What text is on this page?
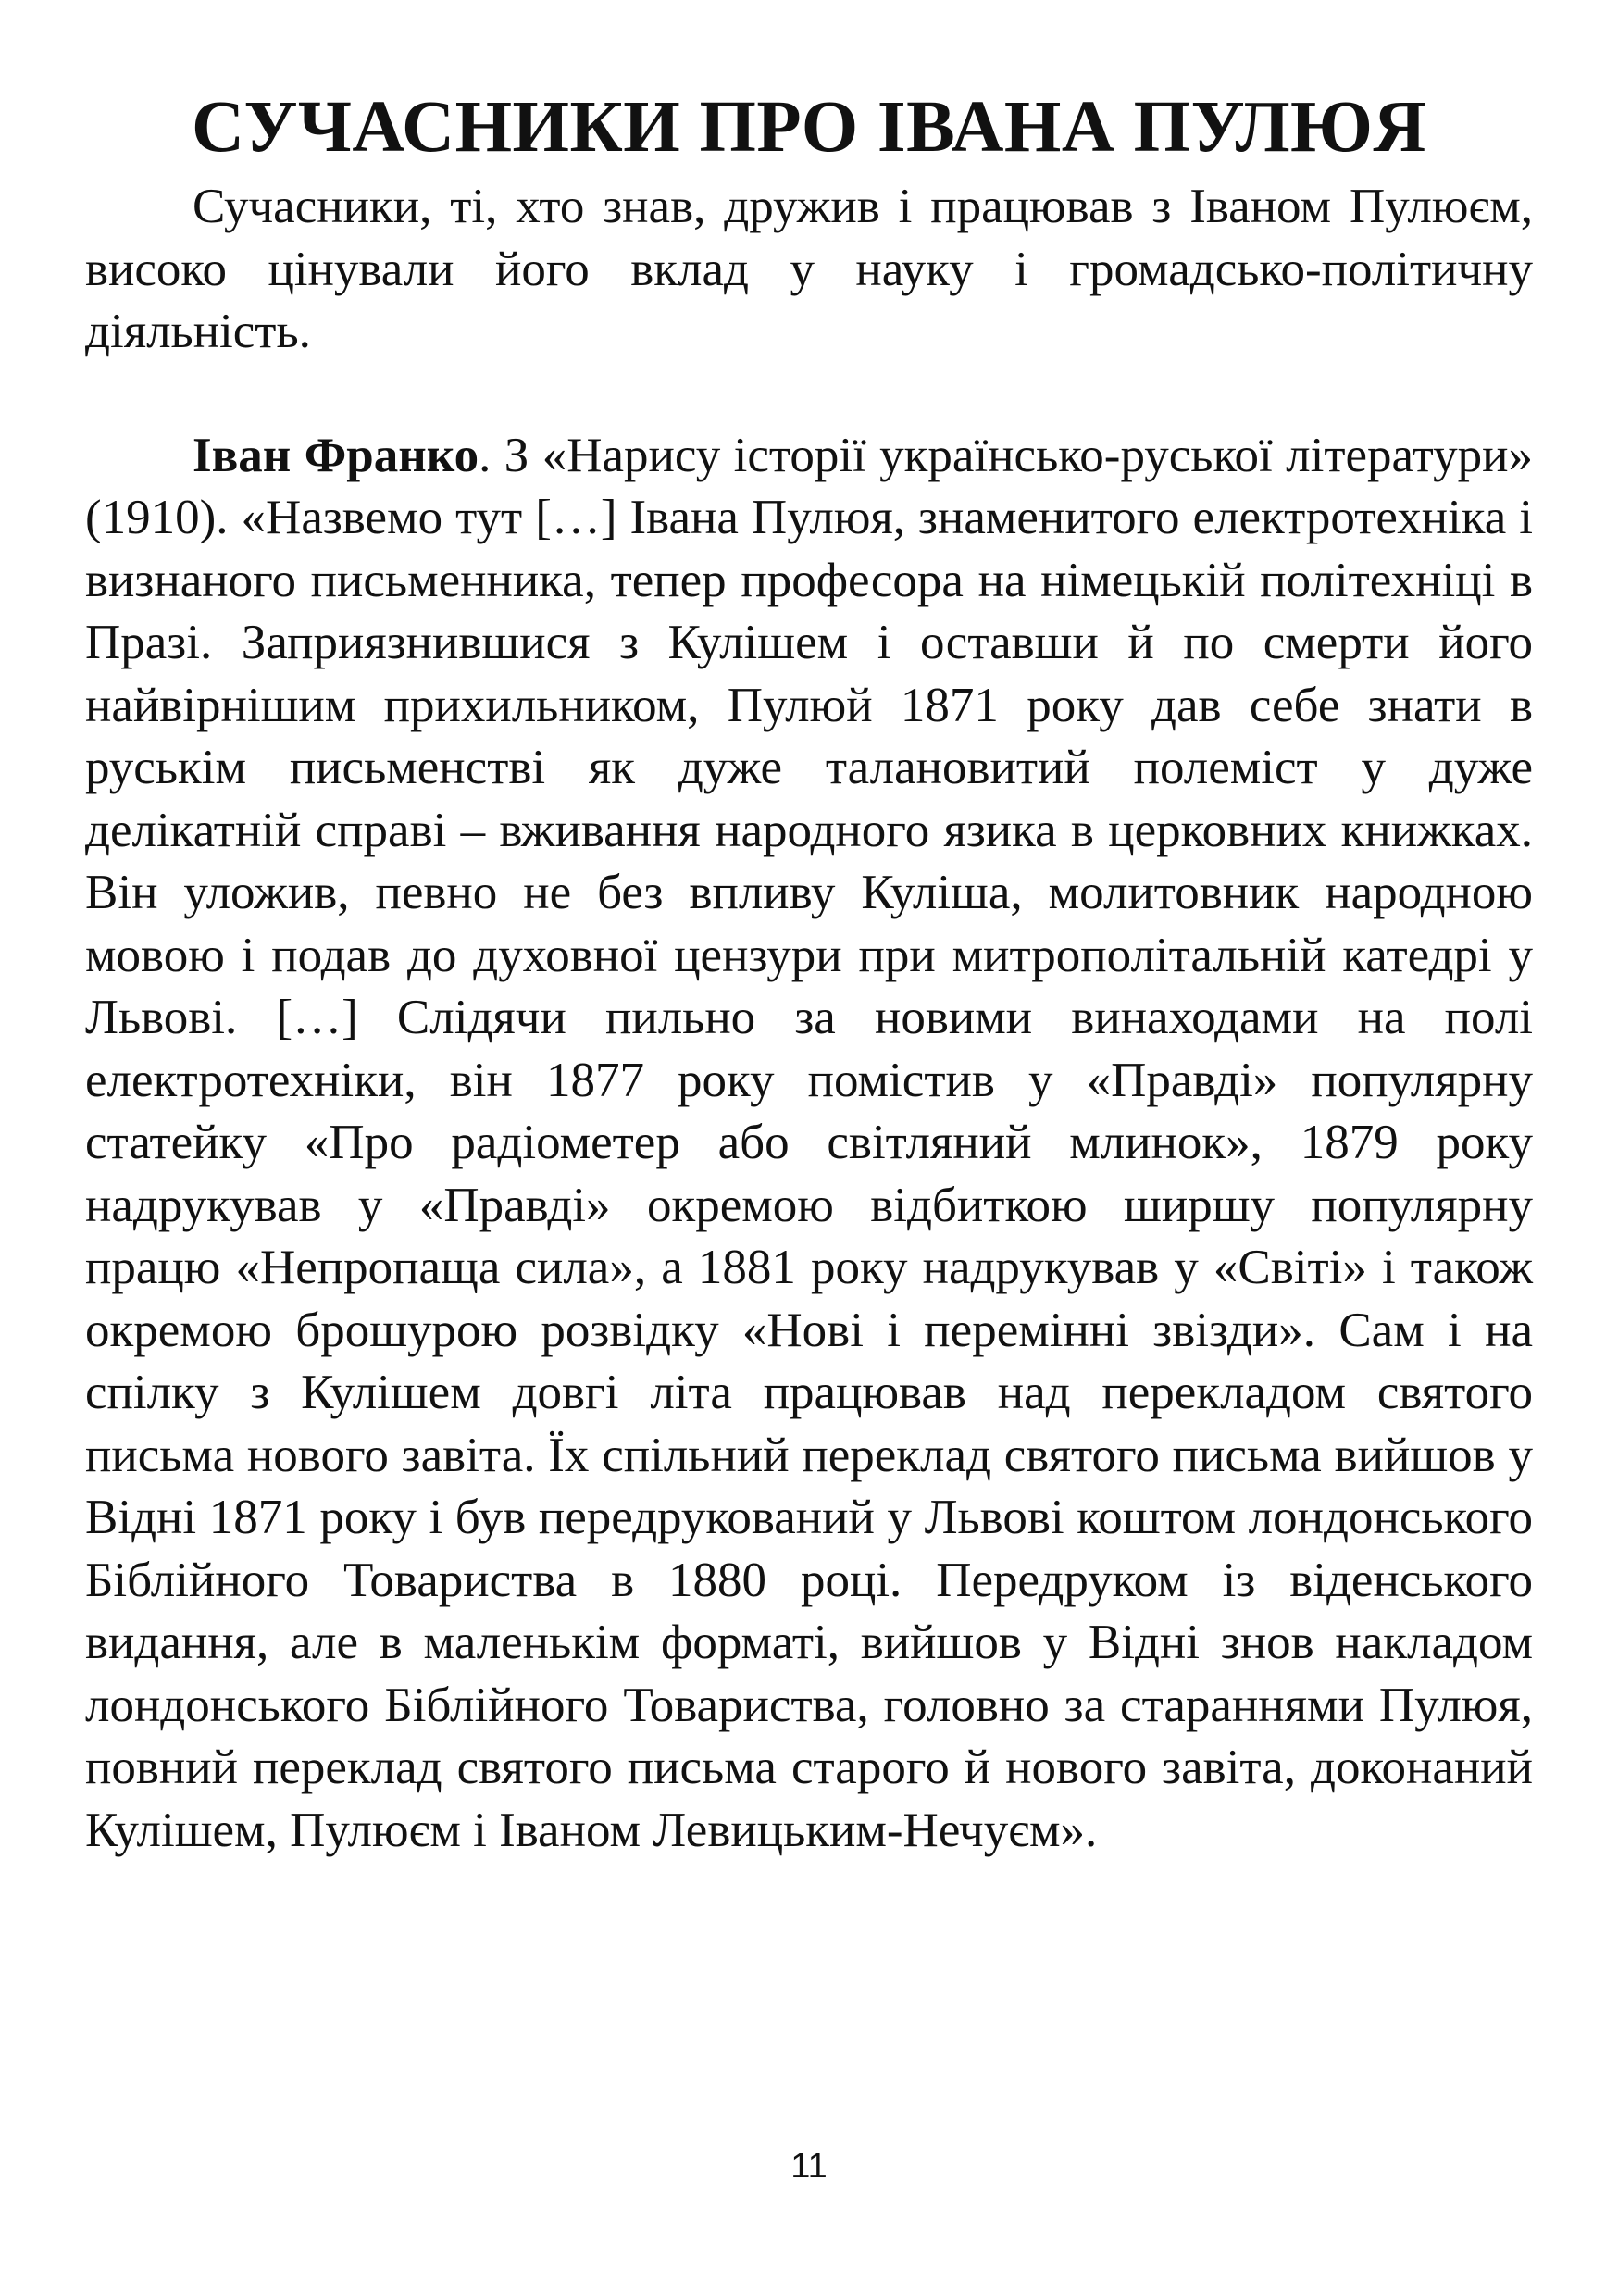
СУЧАСНИКИ ПРО ІВАНА ПУЛЮЯ

Сучасники, ті, хто знав, дружив і працював з Іваном Пулюєм, високо цінували його вклад у науку і громадсько-політичну діяльність.

Іван Франко. З «Нарису історії українсько-руської літератури» (1910). «Назвемо тут […] Івана Пулюя, знаменитого електротехніка і визнаного письменника, тепер професора на німецькій політехніці в Празі. Заприязнившися з Кулішем і оставши й по смерти його найвірнішим прихильником, Пулюй 1871 року дав себе знати в руськім письменстві як дуже талановитий полеміст у дуже делікатній справі – вживання народного язика в церковних книжках. Він уложив, певно не без впливу Куліша, молитовник народною мовою і подав до духовної цензури при митрополітальній катедрі у Львові. […] Слідячи пильно за новими винаходами на полі електротехніки, він 1877 року помістив у «Правді» популярну статейку «Про радіометер або світляний млинок», 1879 року надрукував у «Правді» окремою відбиткою ширшу популярну працю «Непропаща сила», а 1881 року надрукував у «Світі» і також окремою брошурою розвідку «Нові і перемінні звізди». Сам і на спілку з Кулішем довгі літа працював над перекладом святого письма нового завіта. Їх спільний переклад святого письма вийшов у Відні 1871 року і був передрукований у Львові коштом лондонського Біблійного Товариства в 1880 році. Передруком із віденського видання, але в маленькім форматі, вийшов у Відні знов накладом лондонського Біблійного Товариства, головно за стараннями Пулюя, повний переклад святого письма старого й нового завіта, доконаний Кулішем, Пулюєм і Іваном Левицьким-Нечуєм».

11
